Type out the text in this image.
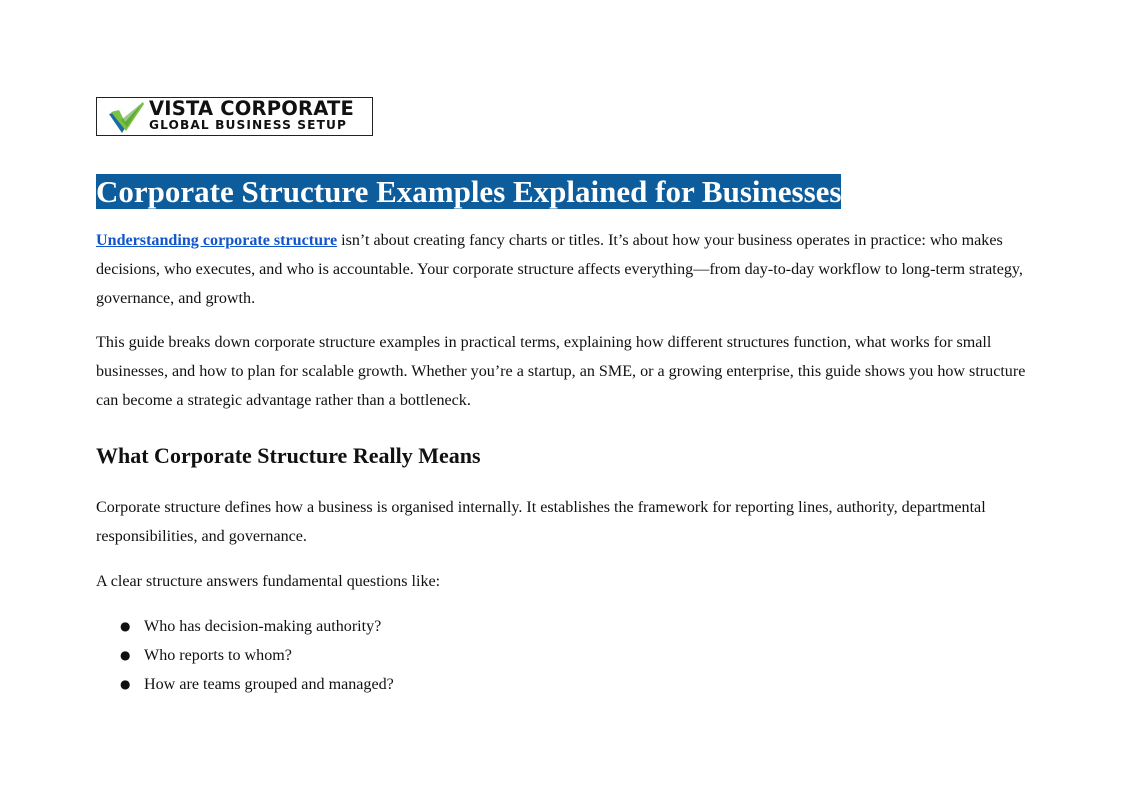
VISTA CORPORATE
GLOBAL BUSINESS SETUP
Corporate Structure Examples Explained for Businesses

Understanding corporate structure isn’t about creating fancy charts or titles. It’s about how your business operates in practice: who makes decisions, who executes, and who is accountable. Your corporate structure affects everything—from day-to-day workflow to long-term strategy, governance, and growth.

This guide breaks down corporate structure examples in practical terms, explaining how different structures function, what works for small businesses, and how to plan for scalable growth. Whether you’re a startup, an SME, or a growing enterprise, this guide shows you how structure can become a strategic advantage rather than a bottleneck.

What Corporate Structure Really Means

Corporate structure defines how a business is organised internally. It establishes the framework for reporting lines, authority, departmental responsibilities, and governance.

A clear structure answers fundamental questions like:

● Who has decision-making authority?
● Who reports to whom?
● How are teams grouped and managed?
